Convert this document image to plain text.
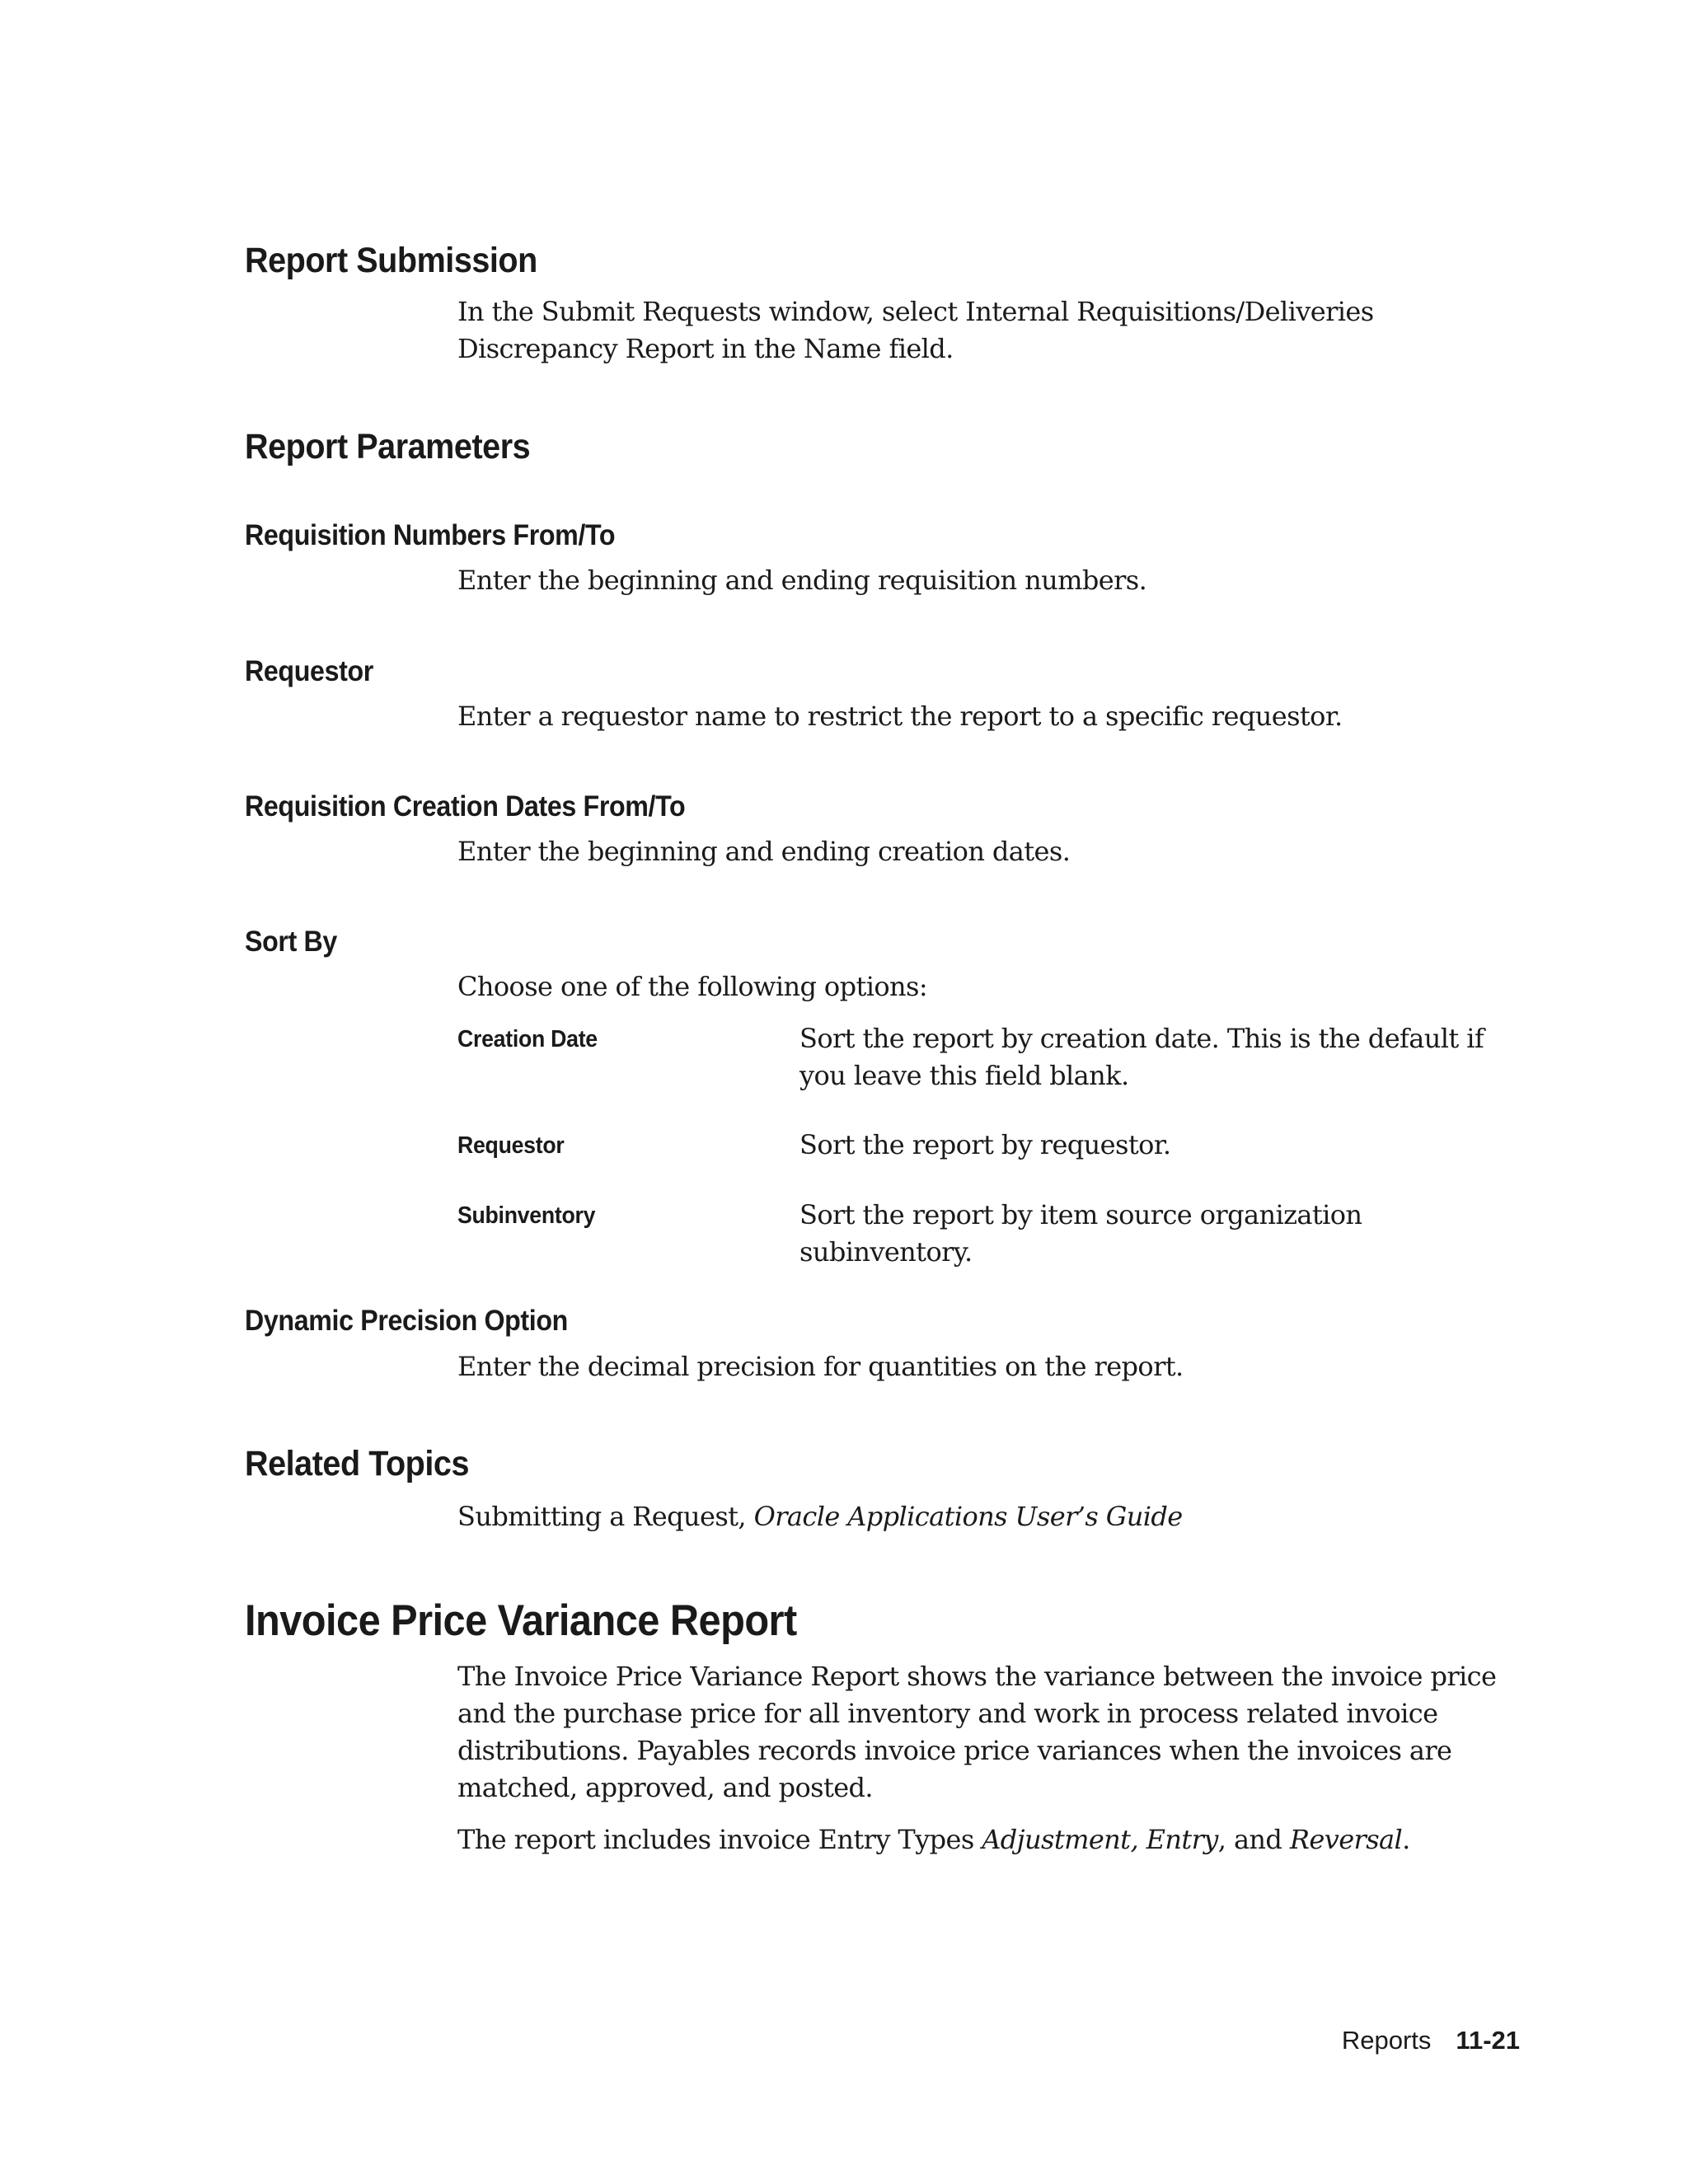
Report Submission

In the Submit Requests window, select Internal Requisitions/Deliveries Discrepancy Report in the Name field.

Report Parameters
Requisition Numbers From/To

Enter the beginning and ending requisition numbers.

Requestor

Enter a requestor name to restrict the report to a specific requestor.

Requisition Creation Dates From/To

Enter the beginning and ending creation dates.

Sort By

Choose one of the following options:

Creation Date	Sort the report by creation date. This is the default if you leave this field blank.

Requestor	Sort the report by requestor.

Subinventory	Sort the report by item source organization subinventory.

Dynamic Precision Option

Enter the decimal precision for quantities on the report.

Related Topics

Submitting a Request, Oracle Applications User’s Guide

Invoice Price Variance Report

The Invoice Price Variance Report shows the variance between the invoice price and the purchase price for all inventory and work in process related invoice distributions. Payables records invoice price variances when the invoices are matched, approved, and posted.

The report includes invoice Entry Types Adjustment, Entry, and Reversal.

Reports 11-21
